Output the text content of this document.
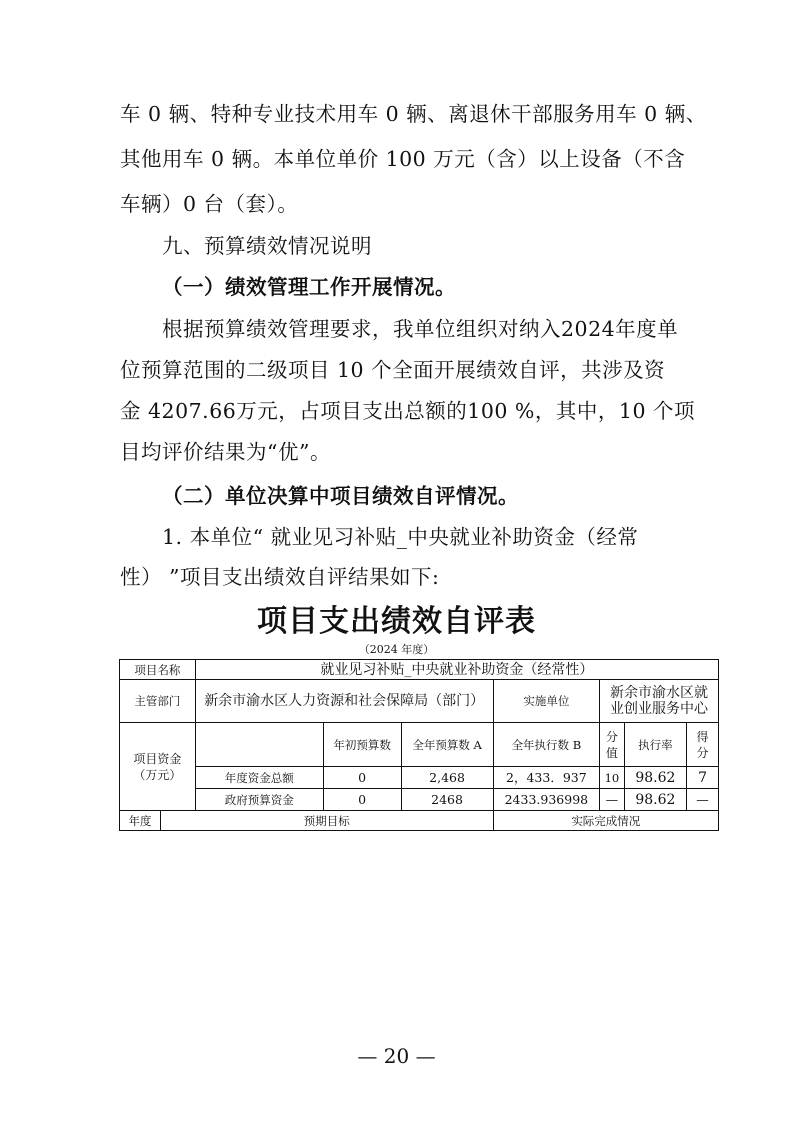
车 0 辆、特种专业技术用车 0 辆、离退休干部服务用车 0 辆、
其他用车 0 辆。本单位单价 100 万元（含）以上设备（不含
车辆）0 台（套）。
九、预算绩效情况说明
（一）绩效管理工作开展情况。
根据预算绩效管理要求，我单位组织对纳入2024年度单
位预算范围的二级项目 10 个全面开展绩效自评，共涉及资
金 4207.66万元，占项目支出总额的100 %，其中，10 个项
目均评价结果为“优”。
（二）单位决算中项目绩效自评情况。
1. 本单位“ 就业见习补贴_中央就业补助资金（经常
性） ”项目支出绩效自评结果如下:
项目支出绩效自评表
（2024 年度）
项目名称		就业见习补贴_中央就业补助资金（经常性）						
主管部门		新余市渝水区人力资源和社会保障局（部门）			实施单位	新余市渝水区就
业创业服务中心		
项目资金
（万元）			年初预算数	全年预算数 A	全年执行数 B	分
值	执行率	得
分
		年度资金总额	0	2,468	2，433．937	10	98.62	7
		政府预算资金	0	2468	2433.936998	—	98.62	—
年度	预期目标				实际完成情况			
— 20 —
